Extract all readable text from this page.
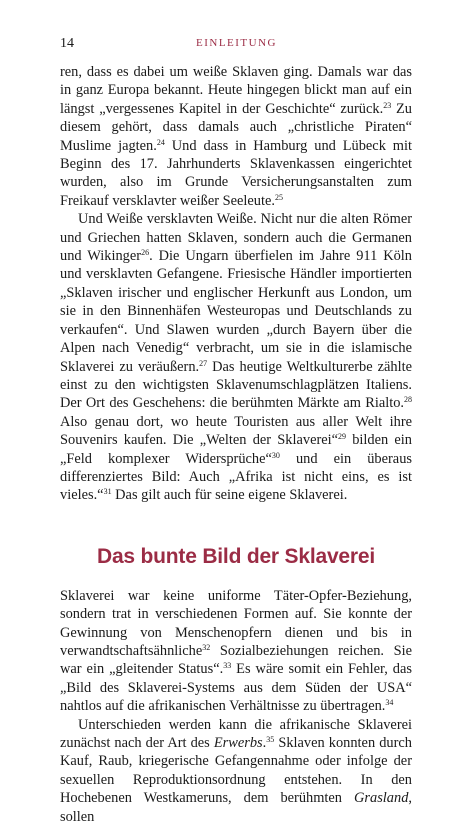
14	EINLEITUNG

ren, dass es dabei um weiße Sklaven ging. Damals war das in ganz Europa bekannt. Heute hingegen blickt man auf ein längst „vergessenes Kapitel in der Geschichte“ zurück.$^{23}$ Zu diesem gehört, dass damals auch „christliche Piraten“ Muslime jagten.$^{24}$ Und dass in Hamburg und Lübeck mit Beginn des 17. Jahrhunderts Sklavenkassen eingerichtet wurden, also im Grunde Versicherungsanstalten zum Freikauf versklavter weißer Seeleute.$^{25}$

Und Weiße versklavten Weiße. Nicht nur die alten Römer und Griechen hatten Sklaven, sondern auch die Germanen und Wikinger$^{26}$. Die Ungarn überfielen im Jahre 911 Köln und versklavten Gefangene. Friesische Händler importierten „Sklaven irischer und englischer Herkunft aus London, um sie in den Binnenhäfen Westeuropas und Deutschlands zu verkaufen“. Und Slawen wurden „durch Bayern über die Alpen nach Venedig“ verbracht, um sie in die islamische Sklaverei zu veräußern.$^{27}$ Das heutige Weltkulturerbe zählte einst zu den wichtigsten Sklavenumschlagplätzen Italiens. Der Ort des Geschehens: die berühmten Märkte am Rialto.$^{28}$ Also genau dort, wo heute Touristen aus aller Welt ihre Souvenirs kaufen. Die „Welten der Sklaverei“$^{29}$ bilden ein „Feld komplexer Widersprüche“$^{30}$ und ein überaus differenziertes Bild: Auch „Afrika ist nicht eins, es ist vieles.“$^{31}$ Das gilt auch für seine eigene Sklaverei.

Das bunte Bild der Sklaverei

Sklaverei war keine uniforme Täter-Opfer-Beziehung, sondern trat in verschiedenen Formen auf. Sie konnte der Gewinnung von Menschenopfern dienen und bis in verwandtschaftsähnliche$^{32}$ Sozialbeziehungen reichen. Sie war ein „gleitender Status“.$^{33}$ Es wäre somit ein Fehler, das „Bild des Sklaverei-Systems aus dem Süden der USA“ nahtlos auf die afrikanischen Verhältnisse zu übertragen.$^{34}$

Unterschieden werden kann die afrikanische Sklaverei zunächst nach der Art des Erwerbs.$^{35}$ Sklaven konnten durch Kauf, Raub, kriegerische Gefangennahme oder infolge der sexuellen Reproduktionsordnung entstehen. In den Hochebenen Westkameruns, dem berühmten Grasland, sollen
